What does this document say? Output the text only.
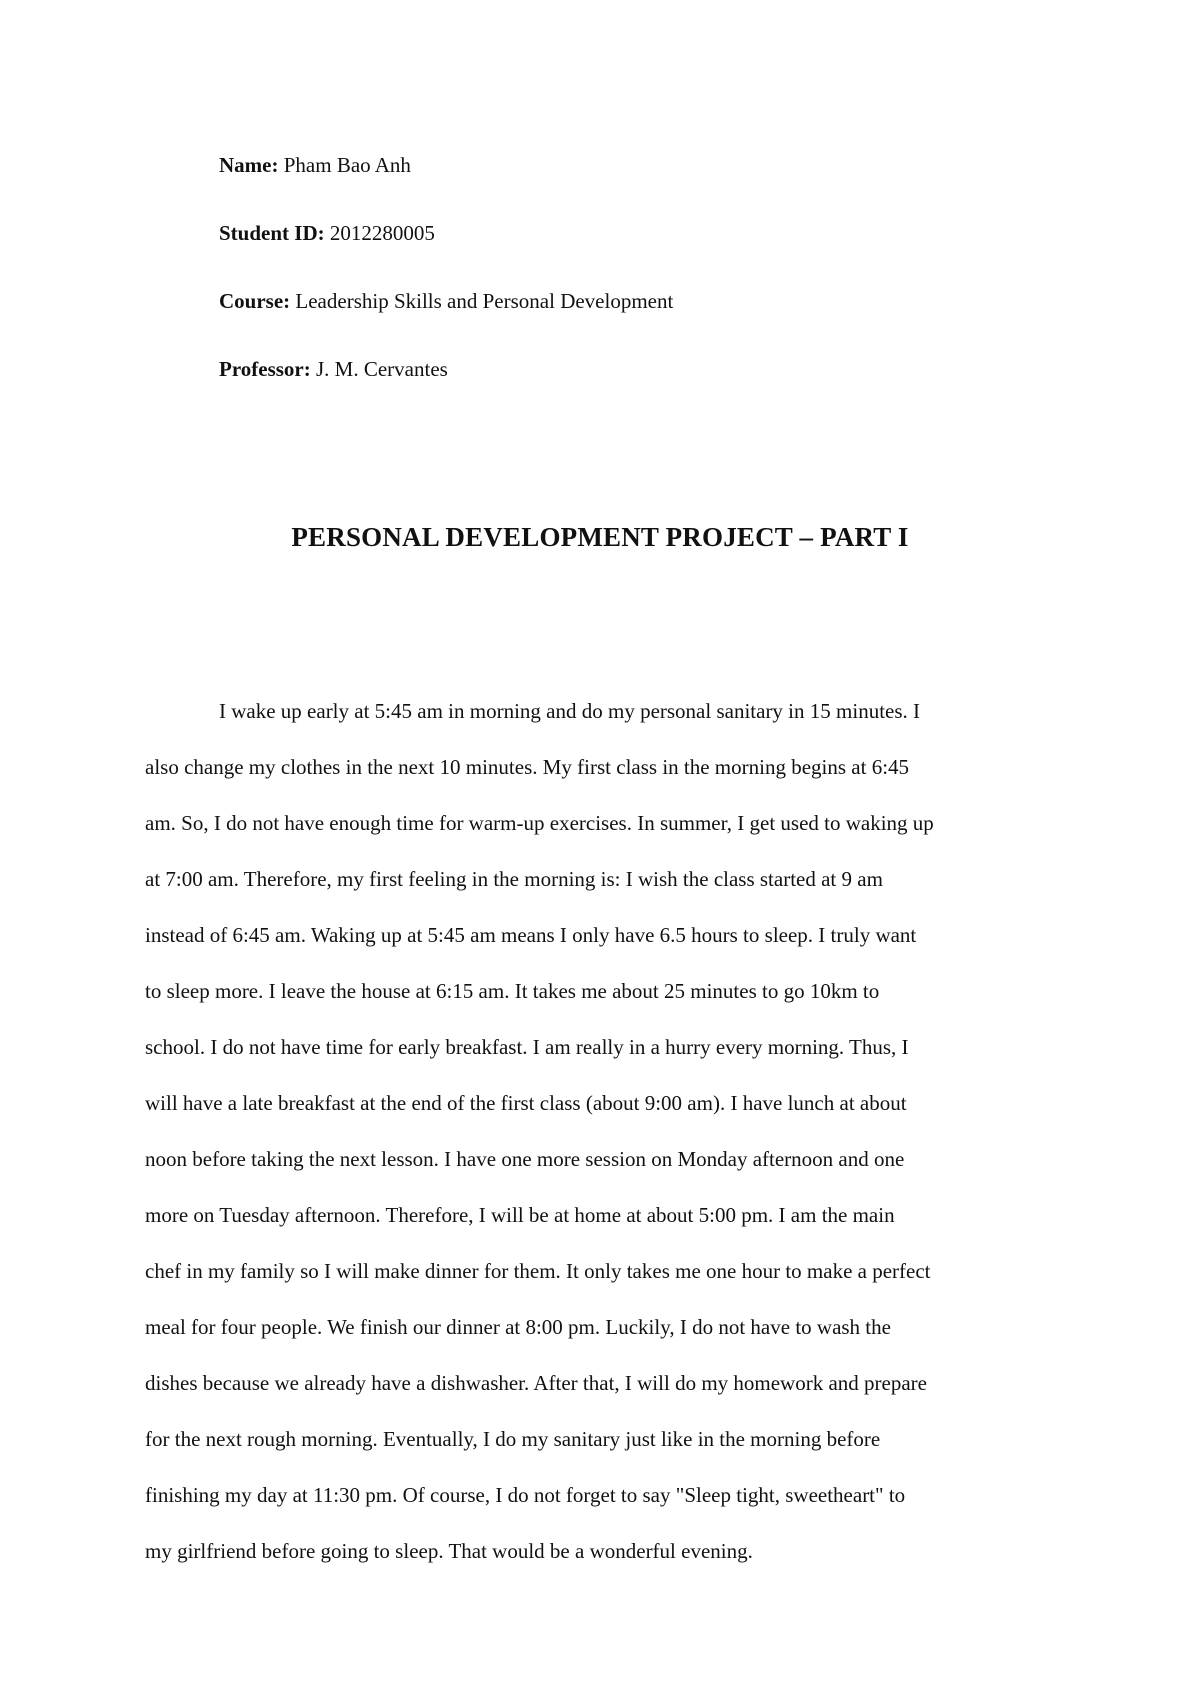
Name: Pham Bao Anh
Student ID: 2012280005
Course: Leadership Skills and Personal Development
Professor: J. M. Cervantes
PERSONAL DEVELOPMENT PROJECT – PART I
I wake up early at 5:45 am in morning and do my personal sanitary in 15 minutes. I
also change my clothes in the next 10 minutes. My first class in the morning begins at 6:45
am. So, I do not have enough time for warm-up exercises. In summer, I get used to waking up
at 7:00 am. Therefore, my first feeling in the morning is: I wish the class started at 9 am
instead of 6:45 am. Waking up at 5:45 am means I only have 6.5 hours to sleep. I truly want
to sleep more. I leave the house at 6:15 am. It takes me about 25 minutes to go 10km to
school. I do not have time for early breakfast. I am really in a hurry every morning. Thus, I
will have a late breakfast at the end of the first class (about 9:00 am). I have lunch at about
noon before taking the next lesson. I have one more session on Monday afternoon and one
more on Tuesday afternoon. Therefore, I will be at home at about 5:00 pm. I am the main
chef in my family so I will make dinner for them. It only takes me one hour to make a perfect
meal for four people. We finish our dinner at 8:00 pm. Luckily, I do not have to wash the
dishes because we already have a dishwasher. After that, I will do my homework and prepare
for the next rough morning. Eventually, I do my sanitary just like in the morning before
finishing my day at 11:30 pm. Of course, I do not forget to say "Sleep tight, sweetheart" to
my girlfriend before going to sleep. That would be a wonderful evening.
